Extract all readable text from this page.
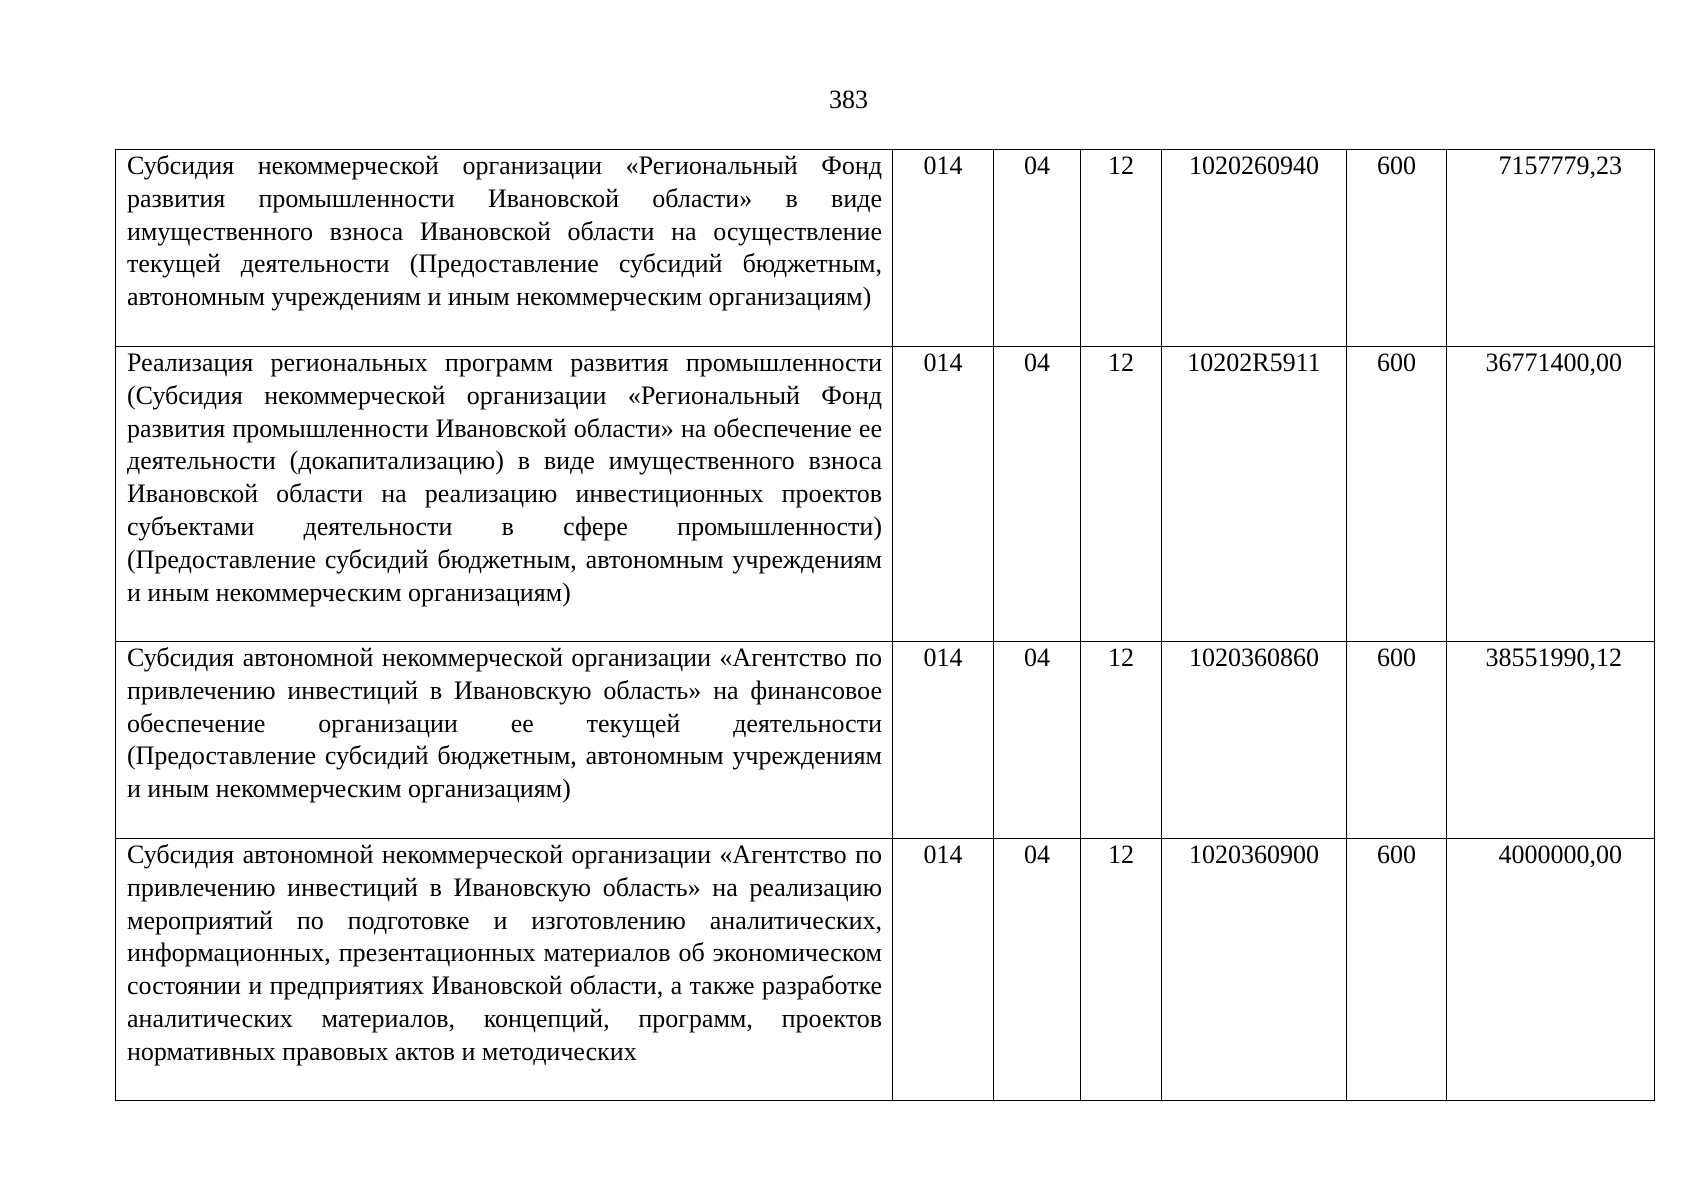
383
Субсидия некоммерческой организации «Региональный Фонд развития промышленности Ивановской области» в виде имущественного взноса Ивановской области на осуществление текущей деятельности (Предоставление субсидий бюджетным, автономным учреждениям и иным некоммерческим организациям)	014	04	12	1020260940	600	7157779,23
Реализация региональных программ развития промышленности (Субсидия некоммерческой организации «Региональный Фонд развития промышленности Ивановской области» на обеспечение ее деятельности (докапитализацию) в виде имущественного взноса Ивановской области на реализацию инвестиционных проектов субъектами деятельности в сфере промышленности) (Предоставление субсидий бюджетным, автономным учреждениям и иным некоммерческим организациям)	014	04	12	10202R5911	600	36771400,00
Субсидия автономной некоммерческой организации «Агентство по привлечению инвестиций в Ивановскую область» на финансовое обеспечение организации ее текущей деятельности (Предоставление субсидий бюджетным, автономным учреждениям и иным некоммерческим организациям)	014	04	12	1020360860	600	38551990,12
Субсидия автономной некоммерческой организации «Агентство по привлечению инвестиций в Ивановскую область» на реализацию мероприятий по подготовке и изготовлению аналитических, информационных, презентационных материалов об экономическом состоянии и предприятиях Ивановской области, а также разработке аналитических материалов, концепций, программ, проектов нормативных правовых актов и методических	014	04	12	1020360900	600	4000000,00
